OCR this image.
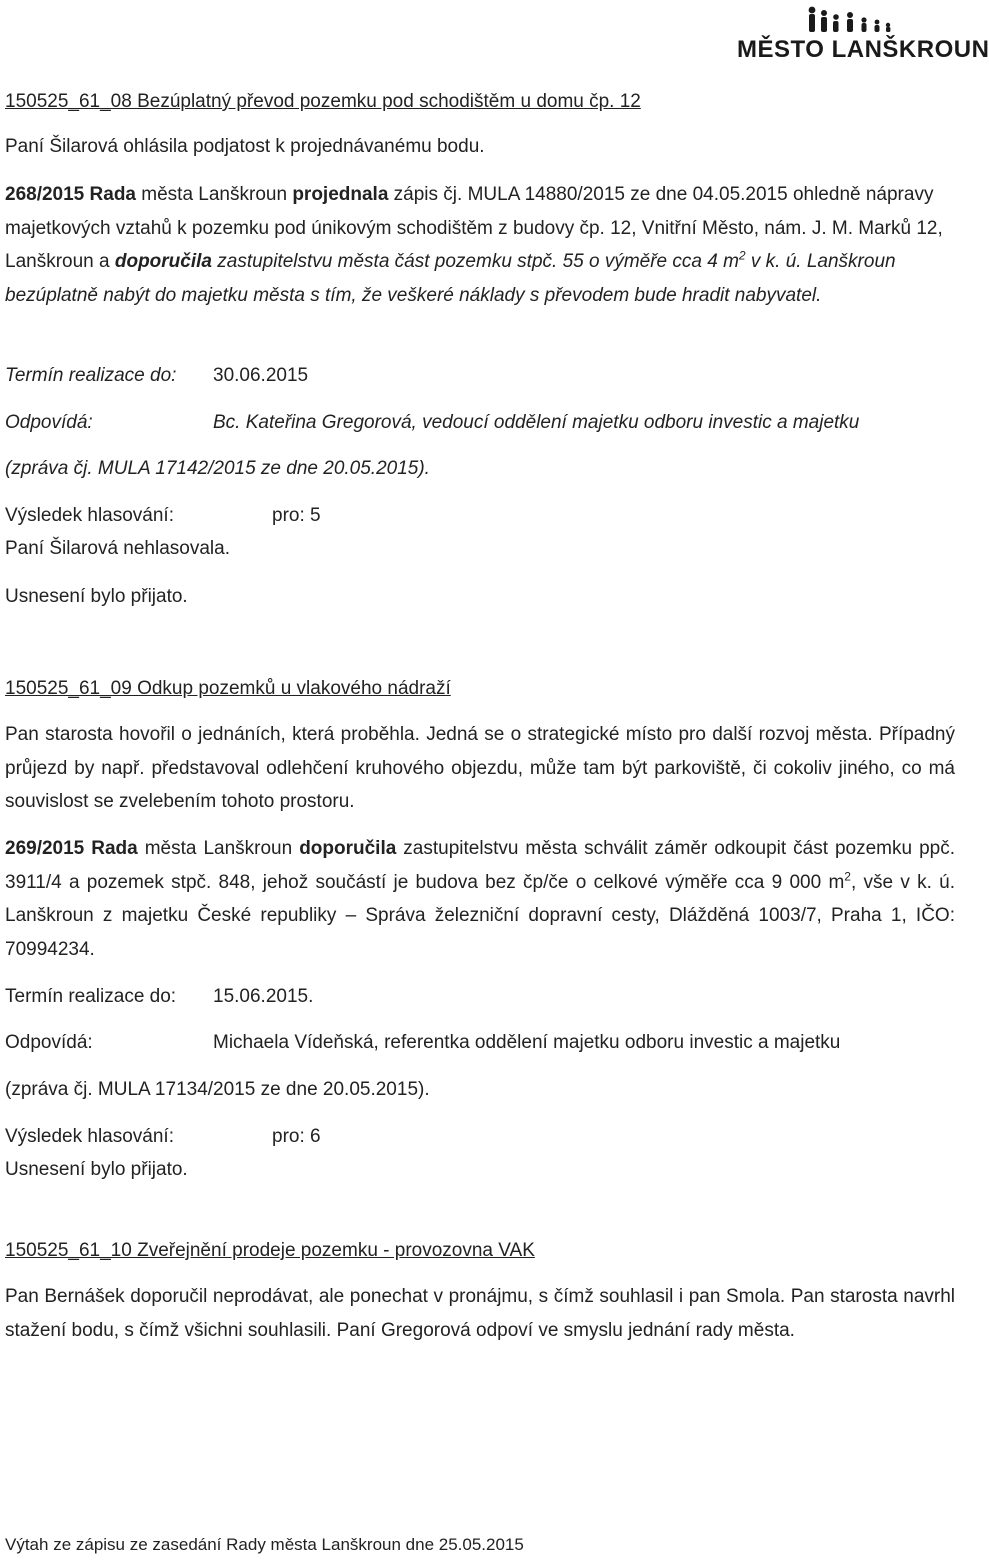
MĚSTO LANŠKROUN
150525_61_08 Bezúplatný převod pozemku pod schodištěm u domu čp. 12
Paní Šilarová ohlásila podjatost k projednávanému bodu.
268/2015 Rada města Lanškroun projednala zápis čj. MULA 14880/2015 ze dne 04.05.2015 ohledně nápravy majetkových vztahů k pozemku pod únikovým schodištěm z budovy čp. 12, Vnitřní Město, nám. J. M. Marků 12, Lanškroun a doporučila zastupitelstvu města část pozemku stpč. 55 o výměře cca 4 $m^2$ v k. ú. Lanškroun bezúplatně nabýt do majetku města s tím, že veškeré náklady s převodem bude hradit nabyvatel.
Termín realizace do: 30.06.2015
Odpovídá:	Bc. Kateřina Gregorová, vedoucí oddělení majetku odboru investic a majetku
(zpráva čj. MULA 17142/2015 ze dne 20.05.2015).
Výsledek hlasování:	pro: 5
Paní Šilarová nehlasovala.
Usnesení bylo přijato.
150525_61_09 Odkup pozemků u vlakového nádraží
Pan starosta hovořil o jednáních, která proběhla. Jedná se o strategické místo pro další rozvoj města. Případný průjezd by např. představoval odlehčení kruhového objezdu, může tam být parkoviště, či cokoliv jiného, co má souvislost se zvelebením tohoto prostoru.
269/2015 Rada města Lanškroun doporučila zastupitelstvu města schválit záměr odkoupit část pozemku ppč. 3911/4 a pozemek stpč. 848, jehož součástí je budova bez čp/če o celkové výměře cca 9 000 $m^2$, vše v k. ú. Lanškroun z majetku České republiky – Správa železniční dopravní cesty, Dlážděná 1003/7, Praha 1, IČO: 70994234.
Termín realizace do: 15.06.2015.
Odpovídá:	Michaela Vídeňská, referentka oddělení majetku odboru investic a majetku
(zpráva čj. MULA 17134/2015 ze dne 20.05.2015).
Výsledek hlasování:	pro: 6
Usnesení bylo přijato.
150525_61_10 Zveřejnění prodeje pozemku - provozovna VAK
Pan Bernášek doporučil neprodávat, ale ponechat v pronájmu, s čímž souhlasil i pan Smola. Pan starosta navrhl stažení bodu, s čímž všichni souhlasili. Paní Gregorová odpoví ve smyslu jednání rady města.
Výtah ze zápisu ze zasedání Rady města Lanškroun dne 25.05.2015
